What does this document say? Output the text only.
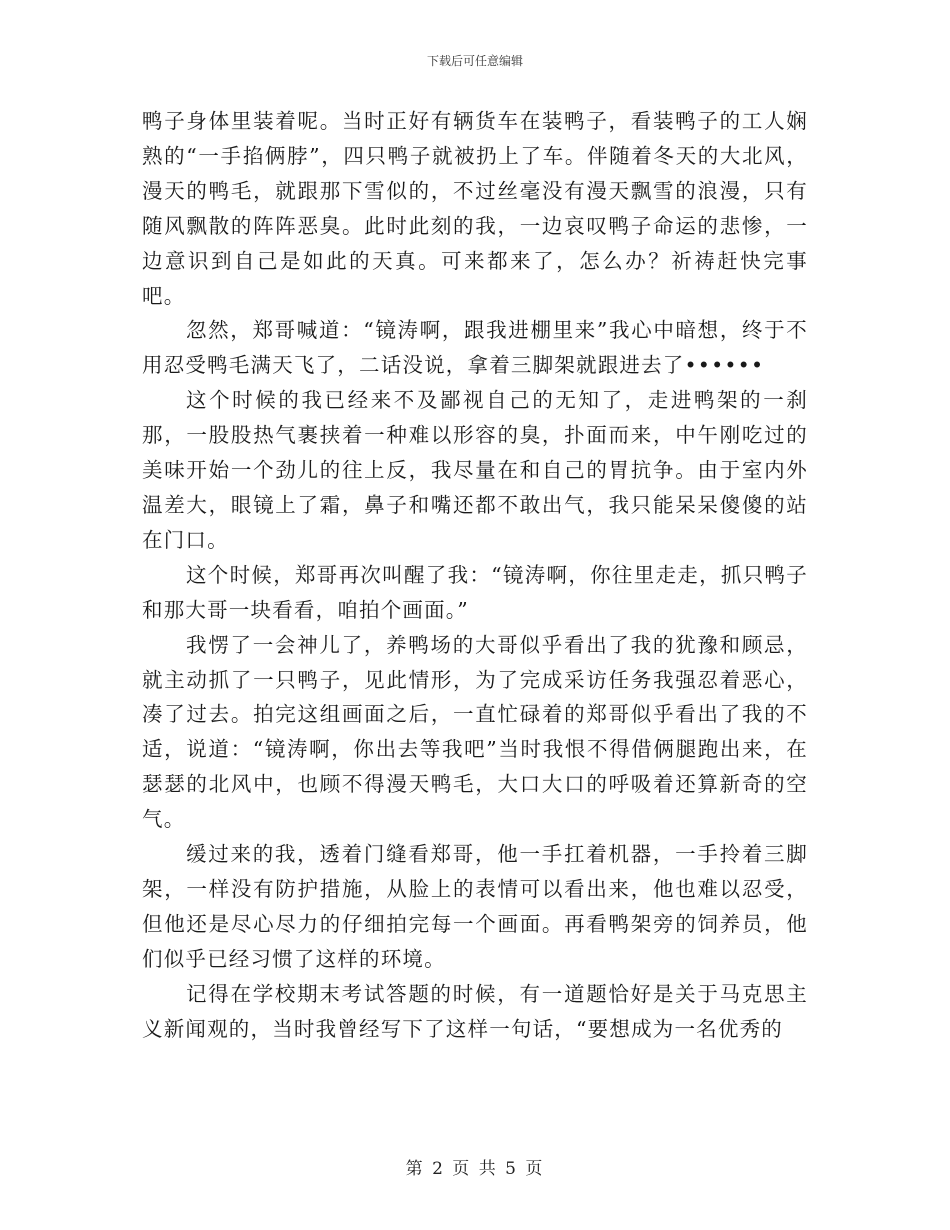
下载后可任意编辑

鸭子身体里装着呢。当时正好有辆货车在装鸭子，看装鸭子的工人娴熟的“一手掐俩脖”，四只鸭子就被扔上了车。伴随着冬天的大北风，漫天的鸭毛，就跟那下雪似的，不过丝毫没有漫天飘雪的浪漫，只有随风飘散的阵阵恶臭。此时此刻的我，一边哀叹鸭子命运的悲惨，一边意识到自己是如此的天真。可来都来了，怎么办？祈祷赶快完事吧。

忽然，郑哥喊道：“镜涛啊，跟我进棚里来”我心中暗想，终于不用忍受鸭毛满天飞了，二话没说，拿着三脚架就跟进去了••••••

这个时候的我已经来不及鄙视自己的无知了，走进鸭架的一刹那，一股股热气裹挟着一种难以形容的臭，扑面而来，中午刚吃过的美味开始一个劲儿的往上反，我尽量在和自己的胃抗争。由于室内外温差大，眼镜上了霜，鼻子和嘴还都不敢出气，我只能呆呆傻傻的站在门口。

这个时候，郑哥再次叫醒了我：“镜涛啊，你往里走走，抓只鸭子和那大哥一块看看，咱拍个画面。”

我愣了一会神儿了，养鸭场的大哥似乎看出了我的犹豫和顾忌，就主动抓了一只鸭子，见此情形，为了完成采访任务我强忍着恶心，凑了过去。拍完这组画面之后，一直忙碌着的郑哥似乎看出了我的不适，说道：“镜涛啊，你出去等我吧”当时我恨不得借俩腿跑出来，在瑟瑟的北风中，也顾不得漫天鸭毛，大口大口的呼吸着还算新奇的空气。

缓过来的我，透着门缝看郑哥，他一手扛着机器，一手拎着三脚架，一样没有防护措施，从脸上的表情可以看出来，他也难以忍受，但他还是尽心尽力的仔细拍完每一个画面。再看鸭架旁的饲养员，他们似乎已经习惯了这样的环境。

记得在学校期末考试答题的时候，有一道题恰好是关于马克思主义新闻观的，当时我曾经写下了这样一句话，“要想成为一名优秀的

第 2 页 共 5 页
